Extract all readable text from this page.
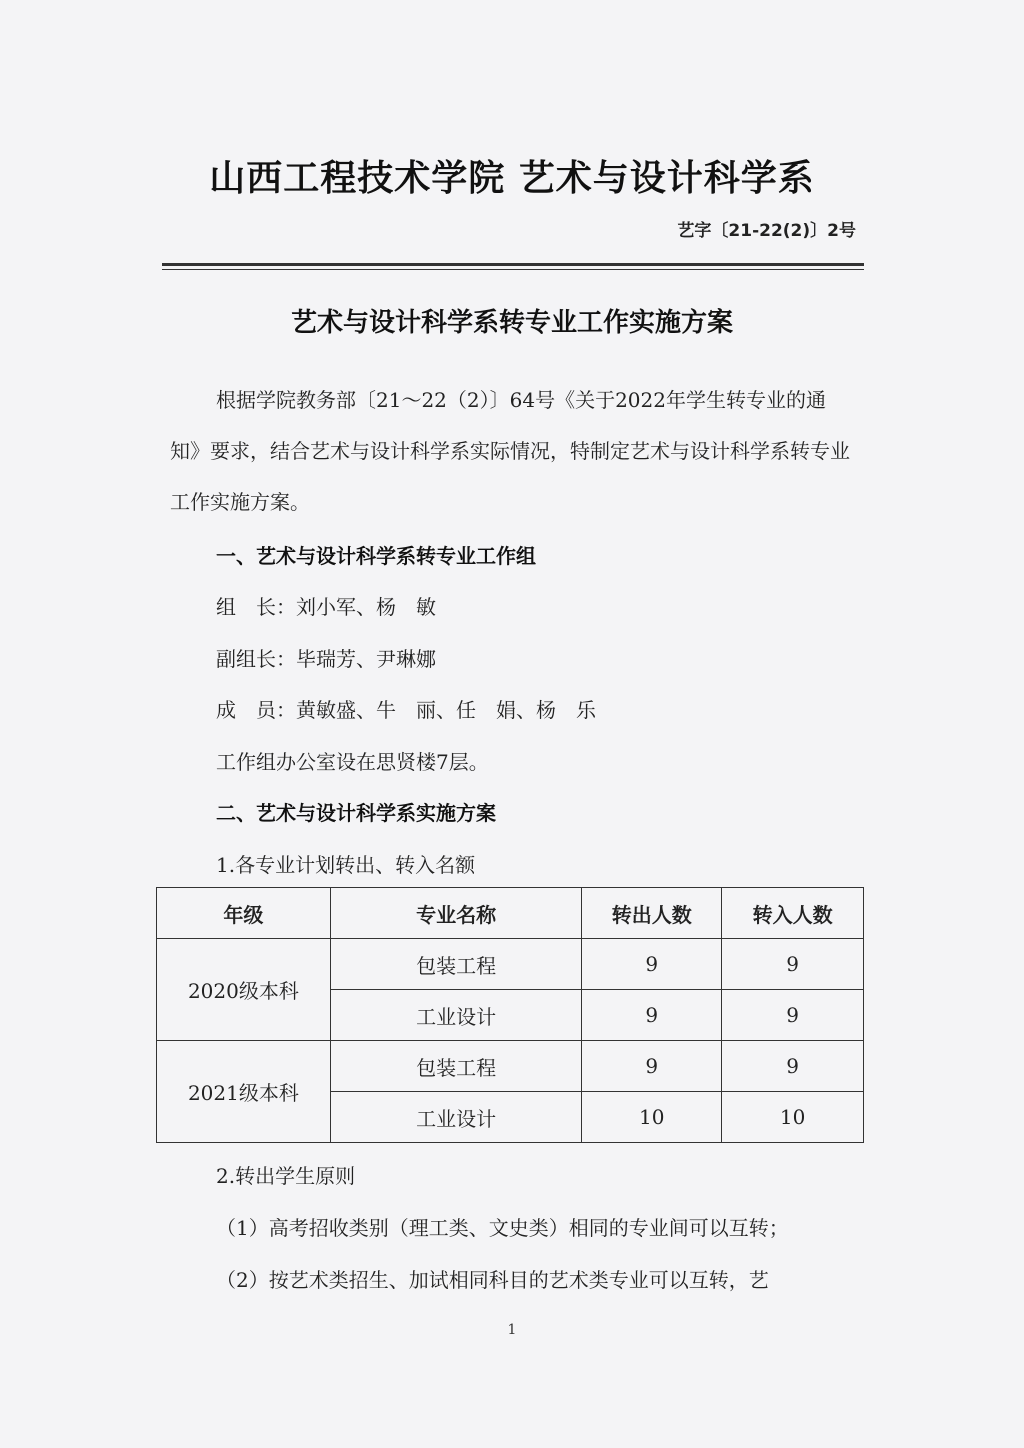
山西工程技术学院 艺术与设计科学系
艺字〔21-22(2)〕2号
艺术与设计科学系转专业工作实施方案

根据学院教务部〔21～22（2）〕64号《关于2022年学生转专业的通知》要求，结合艺术与设计科学系实际情况，特制定艺术与设计科学系转专业工作实施方案。

一、艺术与设计科学系转专业工作组
组　长：刘小军、杨　敏
副组长：毕瑞芳、尹琳娜
成　员：黄敏盛、牛　丽、任　娟、杨　乐
工作组办公室设在思贤楼7层。
二、艺术与设计科学系实施方案
1.各专业计划转出、转入名额
年级	专业名称	转出人数	转入人数
2020级本科	包装工程	9	9
	工业设计	9	9
2021级本科	包装工程	9	9
	工业设计	10	10
2.转出学生原则
（1）高考招收类别（理工类、文史类）相同的专业间可以互转；
（2）按艺术类招生、加试相同科目的艺术类专业可以互转，艺
1
